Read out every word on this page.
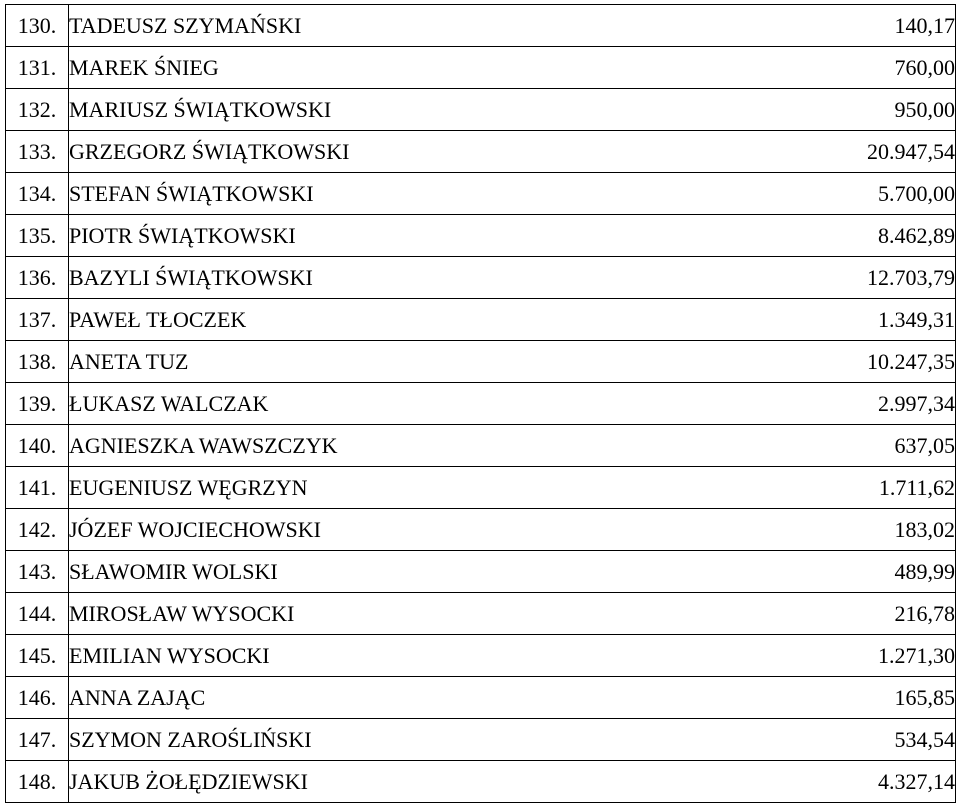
130.	TADEUSZ SZYMAŃSKI	140,17
131.	MAREK ŚNIEG	760,00
132.	MARIUSZ ŚWIĄTKOWSKI	950,00
133.	GRZEGORZ ŚWIĄTKOWSKI	20.947,54
134.	STEFAN ŚWIĄTKOWSKI	5.700,00
135.	PIOTR ŚWIĄTKOWSKI	8.462,89
136.	BAZYLI ŚWIĄTKOWSKI	12.703,79
137.	PAWEŁ TŁOCZEK	1.349,31
138.	ANETA TUZ	10.247,35
139.	ŁUKASZ WALCZAK	2.997,34
140.	AGNIESZKA WAWSZCZYK	637,05
141.	EUGENIUSZ WĘGRZYN	1.711,62
142.	JÓZEF WOJCIECHOWSKI	183,02
143.	SŁAWOMIR WOLSKI	489,99
144.	MIROSŁAW WYSOCKI	216,78
145.	EMILIAN WYSOCKI	1.271,30
146.	ANNA ZAJĄC	165,85
147.	SZYMON ZAROŚLIŃSKI	534,54
148.	JAKUB ŻOŁĘDZIEWSKI	4.327,14
